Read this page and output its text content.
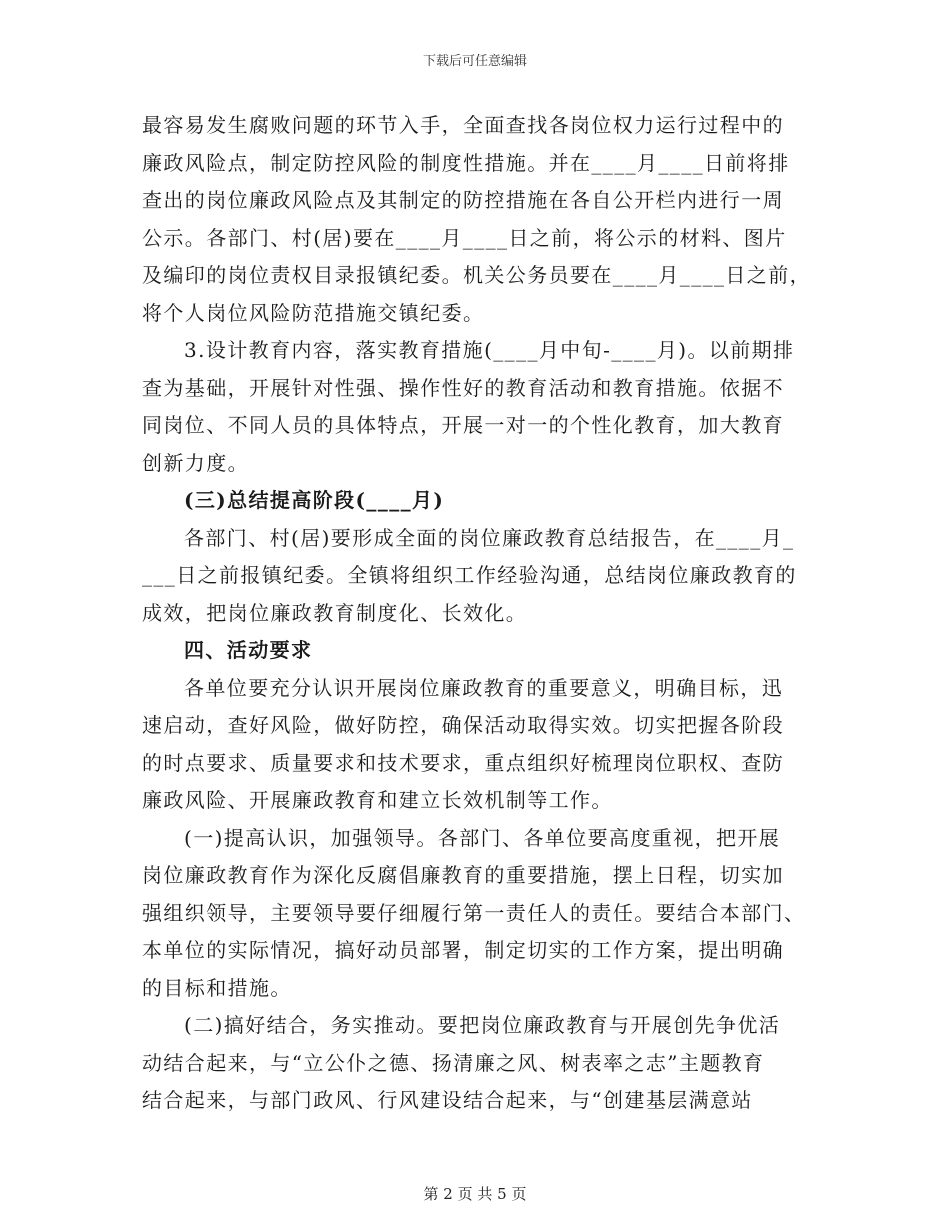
下载后可任意编辑
最容易发生腐败问题的环节入手，全面查找各岗位权力运行过程中的
廉政风险点，制定防控风险的制度性措施。并在____月____日前将排
查出的岗位廉政风险点及其制定的防控措施在各自公开栏内进行一周
公示。各部门、村(居)要在____月____日之前，将公示的材料、图片
及编印的岗位责权目录报镇纪委。机关公务员要在____月____日之前，
将个人岗位风险防范措施交镇纪委。
3.设计教育内容，落实教育措施(____月中旬-____月)。以前期排
查为基础，开展针对性强、操作性好的教育活动和教育措施。依据不
同岗位、不同人员的具体特点，开展一对一的个性化教育，加大教育
创新力度。
(三)总结提高阶段(____月)
各部门、村(居)要形成全面的岗位廉政教育总结报告，在____月_
___日之前报镇纪委。全镇将组织工作经验沟通，总结岗位廉政教育的
成效，把岗位廉政教育制度化、长效化。
四、活动要求
各单位要充分认识开展岗位廉政教育的重要意义，明确目标，迅
速启动，查好风险，做好防控，确保活动取得实效。切实把握各阶段
的时点要求、质量要求和技术要求，重点组织好梳理岗位职权、查防
廉政风险、开展廉政教育和建立长效机制等工作。
(一)提高认识，加强领导。各部门、各单位要高度重视，把开展
岗位廉政教育作为深化反腐倡廉教育的重要措施，摆上日程，切实加
强组织领导，主要领导要仔细履行第一责任人的责任。要结合本部门、
本单位的实际情况，搞好动员部署，制定切实的工作方案，提出明确
的目标和措施。
(二)搞好结合，务实推动。要把岗位廉政教育与开展创先争优活
动结合起来，与“立公仆之德、扬清廉之风、树表率之志”主题教育
结合起来，与部门政风、行风建设结合起来，与“创建基层满意站
第 2 页 共 5 页
